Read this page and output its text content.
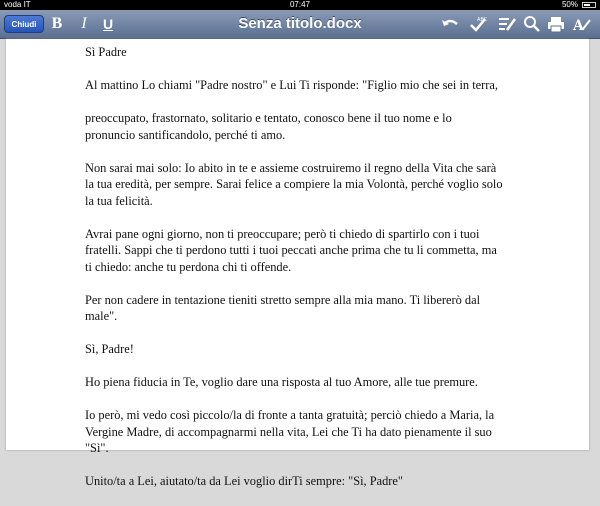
voda IT	07:47	50%
Senza titolo.docx
Chiudi B	I	U	ABC	A

Sì Padre

Al mattino Lo chiami "Padre nostro" e Lui Ti risponde: "Figlio mio che sei in terra,

preoccupato, frastornato, solitario e tentato, conosco bene il tuo nome e lo pronuncio santificandolo, perché ti amo.

Non sarai mai solo: Io abito in te e assieme costruiremo il regno della Vita che sarà la tua eredità, per sempre. Sarai felice a compiere la mia Volontà, perché voglio solo la tua felicità.

Avrai pane ogni giorno, non ti preoccupare; però ti chiedo di spartirlo con i tuoi fratelli. Sappi che ti perdono tutti i tuoi peccati anche prima che tu li commetta, ma ti chiedo: anche tu perdona chi ti offende.

Per non cadere in tentazione tieniti stretto sempre alla mia mano. Ti libererò dal male".

Sì, Padre!

Ho piena fiducia in Te, voglio dare una risposta al tuo Amore, alle tue premure.

Io però, mi vedo così piccolo/la di fronte a tanta gratuità; perciò chiedo a Maria, la Vergine Madre, di accompagnarmi nella vita, Lei che Ti ha dato pienamente il suo "Sì".

Unito/ta a Lei, aiutato/ta da Lei voglio dirTi sempre: "Sì, Padre"
